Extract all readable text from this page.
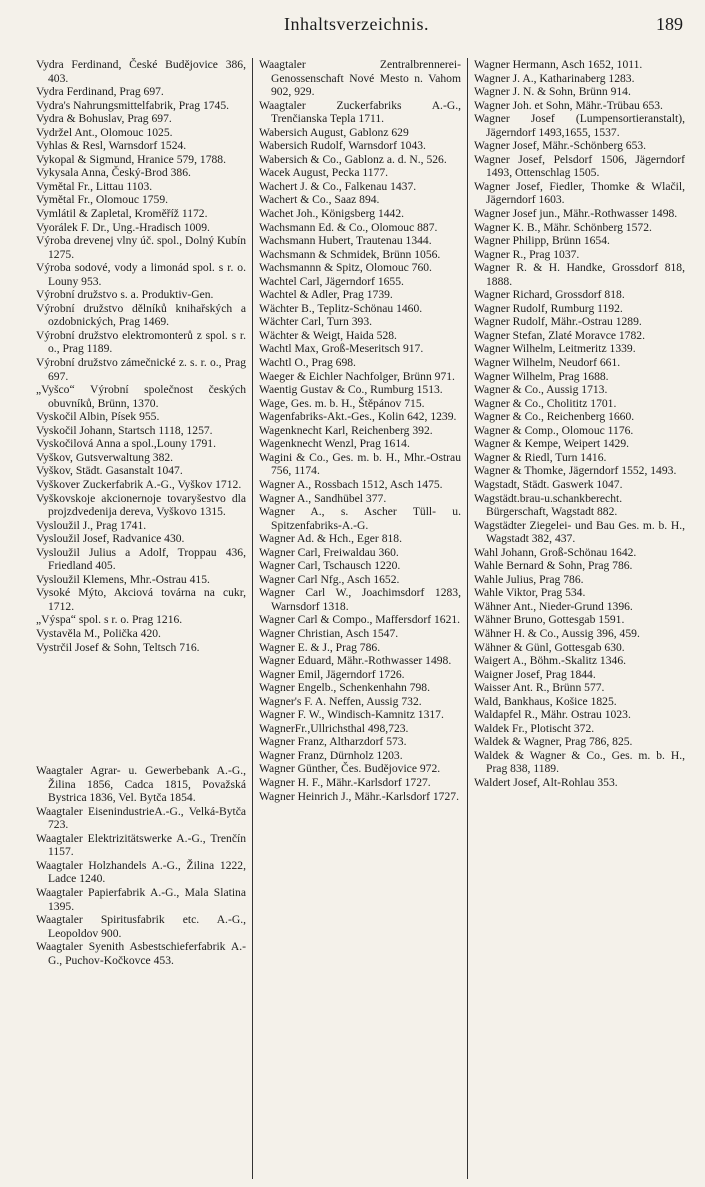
Inhaltsverzeichnis.	189
Vydra Ferdinand, České Budějovice 386, 403.
Vydra Ferdinand, Prag 697.
Vydra's Nahrungsmittelfabrik, Prag 1745.
Vydra & Bohuslav, Prag 697.
Vydržel Ant., Olomouc 1025.
Vyhlas & Resl, Warnsdorf 1524.
Vykopal & Sigmund, Hranice 579, 1788.
Vykysala Anna, Český-Brod 386.
Vymětal Fr., Littau 1103.
Vymětal Fr., Olomouc 1759.
Vymlátil & Zapletal, Kroměříž 1172.
Vyorálek F. Dr., Ung.-Hradisch 1009.
Výroba drevenej vlny úč. spol., Dolný Kubín 1275.
Výroba sodové, vody a limonád spol. s r. o. Louny 953.
Výrobní družstvo s. a. Produktiv-Gen.
Výrobní družstvo dělníků knihařských a ozdobnických, Prag 1469.
Výrobní družstvo elektromonterů z spol. s r. o., Prag 1189.
Výrobní družstvo zámečnické z. s. r. o., Prag 697.
„Vyšco“ Výrobní společnost českých obuvníků, Brünn, 1370.
Vyskočil Albin, Písek 955.
Vyskočil Johann, Startsch 1118, 1257.
Vyskočilová Anna a spol.,Louny 1791.
Vyškov, Gutsverwaltung 382.
Vyškov, Städt. Gasanstalt 1047.
Vyškover Zuckerfabrik A.-G., Vyškov 1712.
Vyškovskoje akcionernoje tovaryšestvo dla projzdvedenija dereva, Vyškovo 1315.
Vysloužil J., Prag 1741.
Vysloužil Josef, Radvanice 430.
Vysloužil Julius a Adolf, Troppau 436, Friedland 405.
Vysloužil Klemens, Mhr.-Ostrau 415.
Vysoké Mýto, Akciová továrna na cukr, 1712.
„Výspa“ spol. s r. o. Prag 1216.
Vystavěla M., Polička 420.
Vystrčil Josef & Sohn, Teltsch 716.
Waagtaler Agrar- u. Gewerbebank A.-G., Žilina 1856, Cadca 1815, Považská Bystrica 1836, Vel. Bytča 1854.
Waagtaler EisenindustrieA.-G., Velká-Bytča 723.
Waagtaler Elektrizitätswerke A.-G., Trenčín 1157.
Waagtaler Holzhandels A.-G., Žilina 1222, Ladce 1240.
Waagtaler Papierfabrik A.-G., Mala Slatina 1395.
Waagtaler Spiritusfabrik etc. A.-G., Leopoldov 900.
Waagtaler Syenith Asbestschieferfabrik A.-G., Puchov-Kočkovce 453.
Waagtaler Zentralbrennerei-Genossenschaft Nové Mesto n. Vahom 902, 929.
Waagtaler Zuckerfabriks A.-G., Trenčianska Tepla 1711.
Wabersich August, Gablonz 629
Wabersich Rudolf, Warnsdorf 1043.
Wabersich & Co., Gablonz a. d. N., 526.
Wacek August, Pecka 1177.
Wachert J. & Co., Falkenau 1437.
Wachert & Co., Saaz 894.
Wachet Joh., Königsberg 1442.
Wachsmann Ed. & Co., Olomouc 887.
Wachsmann Hubert, Trautenau 1344.
Wachsmann & Schmidek, Brünn 1056.
Wachsmannn & Spitz, Olomouc 760.
Wachtel Carl, Jägerndorf 1655.
Wachtel & Adler, Prag 1739.
Wächter B., Teplitz-Schönau 1460.
Wächter Carl, Turn 393.
Wächter & Weigt, Haida 528.
Wachtl Max, Groß-Meseritsch 917.
Wachtl O., Prag 698.
Waeger & Eichler Nachfolger, Brünn 971.
Waentig Gustav & Co., Rumburg 1513.
Wage, Ges. m. b. H., Štěpánov 715.
Wagenfabriks-Akt.-Ges., Kolin 642, 1239.
Wagenknecht Karl, Reichenberg 392.
Wagenknecht Wenzl, Prag 1614.
Wagini & Co., Ges. m. b. H., Mhr.-Ostrau 756, 1174.
Wagner A., Rossbach 1512, Asch 1475.
Wagner A., Sandhübel 377.
Wagner A., s. Ascher Tüll- u. Spitzenfabriks-A.-G.
Wagner Ad. & Hch., Eger 818.
Wagner Carl, Freiwaldau 360.
Wagner Carl, Tschausch 1220.
Wagner Carl Nfg., Asch 1652.
Wagner Carl W., Joachimsdorf 1283, Warnsdorf 1318.
Wagner Carl & Compo., Maffersdorf 1621.
Wagner Christian, Asch 1547.
Wagner E. & J., Prag 786.
Wagner Eduard, Mähr.-Rothwasser 1498.
Wagner Emil, Jägerndorf 1726.
Wagner Engelb., Schenkenhahn 798.
Wagner's F. A. Neffen, Aussig 732.
Wagner F. W., Windisch-Kamnitz 1317.
WagnerFr.,Ullrichsthal 498,723.
Wagner Franz, Altharzdorf 573.
Wagner Franz, Dürnholz 1203.
Wagner Günther, Čes. Budějovice 972.
Wagner H. F., Mähr.-Karlsdorf 1727.
Wagner Heinrich J., Mähr.-Karlsdorf 1727.
Wagner Hermann, Asch 1652, 1011.
Wagner J. A., Katharinaberg 1283.
Wagner J. N. & Sohn, Brünn 914.
Wagner Joh. et Sohn, Mähr.-Trübau 653.
Wagner Josef (Lumpensortieranstalt), Jägerndorf 1493,1655, 1537.
Wagner Josef, Mähr.-Schönberg 653.
Wagner Josef, Pelsdorf 1506, Jägerndorf 1493, Ottenschlag 1505.
Wagner Josef, Fiedler, Thomke & Wlačil, Jägerndorf 1603.
Wagner Josef jun., Mähr.-Rothwasser 1498.
Wagner K. B., Mähr. Schönberg 1572.
Wagner Philipp, Brünn 1654.
Wagner R., Prag 1037.
Wagner R. & H. Handke, Grossdorf 818, 1888.
Wagner Richard, Grossdorf 818.
Wagner Rudolf, Rumburg 1192.
Wagner Rudolf, Mähr.-Ostrau 1289.
Wagner Stefan, Zlaté Moravce 1782.
Wagner Wilhelm, Leitmeritz 1339.
Wagner Wilhelm, Neudorf 661.
Wagner Wilhelm, Prag 1688.
Wagner & Co., Aussig 1713.
Wagner & Co., Cholititz 1701.
Wagner & Co., Reichenberg 1660.
Wagner & Comp., Olomouc 1176.
Wagner & Kempe, Weipert 1429.
Wagner & Riedl, Turn 1416.
Wagner & Thomke, Jägerndorf 1552, 1493.
Wagstadt, Städt. Gaswerk 1047.
Wagstädt.brau-u.schankberecht. Bürgerschaft, Wagstadt 882.
Wagstädter Ziegelei- und Bau Ges. m. b. H., Wagstadt 382, 437.
Wahl Johann, Groß-Schönau 1642.
Wahle Bernard & Sohn, Prag 786.
Wahle Julius, Prag 786.
Wahle Viktor, Prag 534.
Wähner Ant., Nieder-Grund 1396.
Wähner Bruno, Gottesgab 1591.
Wähner H. & Co., Aussig 396, 459.
Wähner & Günl, Gottesgab 630.
Waigert A., Böhm.-Skalitz 1346.
Waigner Josef, Prag 1844.
Waisser Ant. R., Brünn 577.
Wald, Bankhaus, Košice 1825.
Waldapfel R., Mähr. Ostrau 1023.
Waldek Fr., Plotischt 372.
Waldek & Wagner, Prag 786, 825.
Waldek & Wagner & Co., Ges. m. b. H., Prag 838, 1189.
Waldert Josef, Alt-Rohlau 353.
